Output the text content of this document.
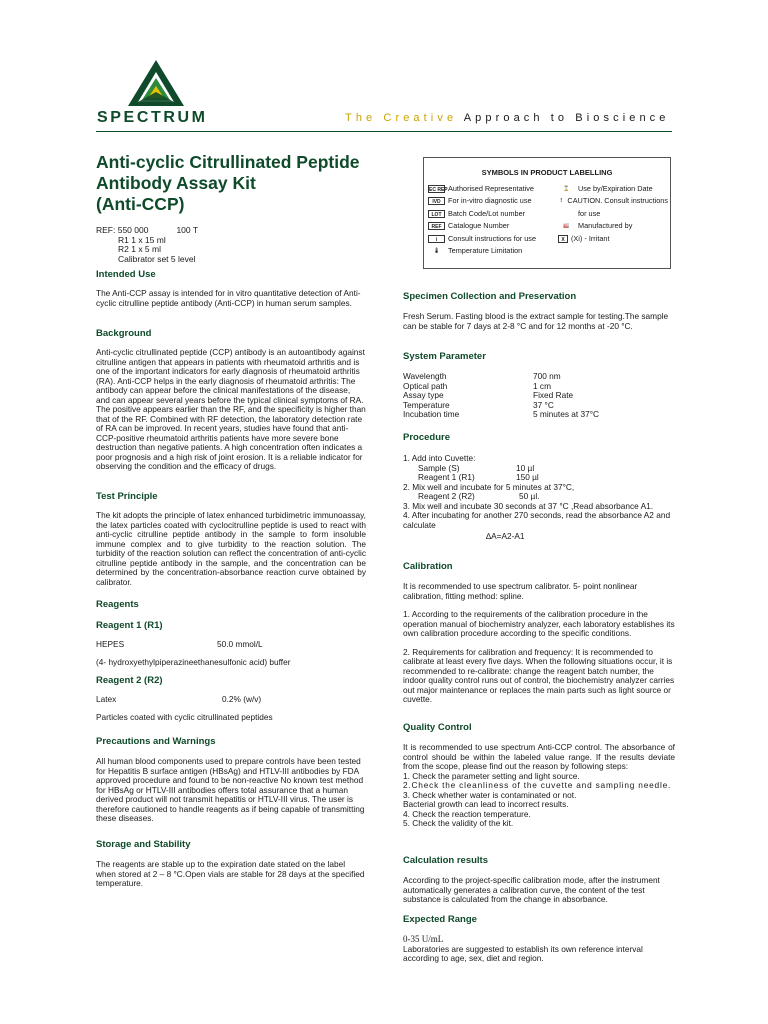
SPECTRUM	The Creative Approach to Bioscience
Anti-cyclic Citrullinated Peptide
Antibody Assay Kit
(Anti-CCP)
REF: 550 000	100 T
R1 1 x 15 ml
R2 1 x 5 ml
Calibrator set 5 level
SYMBOLS IN PRODUCT LABELLING
EC REP Authorised Representative
IVD	For in-vitro diagnostic use
LOT Batch Code/Lot number
REF Catalogue Number
i	Consult instructions for use
🌡	Temperature Limitation
⌛	Use by/Expiration Date
! CAUTION. Consult instructions
for use
🏭	Manufactured by
X (Xi) - Irritant
Intended Use

The Anti-CCP assay is intended for in vitro quantitative detection of Anti-cyclic citrulline peptide antibody (Anti-CCP) in human serum samples.

Background

Anti-cyclic citrullinated peptide (CCP) antibody is an autoantibody against citrulline antigen that appears in patients with rheumatoid arthritis and is one of the important indicators for early diagnosis of rheumatoid arthritis (RA). Anti-CCP helps in the early diagnosis of rheumatoid arthritis: The antibody can appear before the clinical manifestations of the disease, and can appear several years before the typical clinical symptoms of RA. The positive appears earlier than the RF, and the specificity is higher than that of the RF. Combined with RF detection, the laboratory detection rate of RA can be improved. In recent years, studies have found that anti- CCP-positive rheumatoid arthritis patients have more severe bone destruction than negative patients. A high concentration often indicates a poor prognosis and a high risk of joint erosion. It is a reliable indicator for observing the condition and the efficacy of drugs.

Test Principle

The kit adopts the principle of latex enhanced turbidimetric immunoassay, the latex particles coated with cyclocitrulline peptide is used to react with anti-cyclic citrulline peptide antibody in the sample to form insoluble immune complex and to give turbidity to the reaction solution. The turbidity of the reaction solution can reflect the concentration of anti-cyclic citrulline peptide antibody in the sample, and the concentration can be determined by the concentration-absorbance reaction curve obtained by calibrator.

Reagents
Reagent 1 (R1)
HEPES	50.0 mmol/L

(4- hydroxyethylpiperazineethanesulfonic acid) buffer

Reagent 2 (R2)
Latex	0.2% (w/v)

Particles coated with cyclic citrullinated peptides

Precautions and Warnings

All human blood components used to prepare controls have been tested for Hepatitis B surface antigen (HBsAg) and HTLV-III antibodies by FDA approved procedure and found to be non-reactive No known test method for HBsAg or HTLV-III antibodies offers total assurance that a human derived product will not transmit hepatitis or HTLV-III virus. The user is therefore cautioned to handle reagents as if being capable of transmitting these diseases.

Storage and Stability

The reagents are stable up to the expiration date stated on the label when stored at 2 – 8 °C.Open vials are stable for 28 days at the specified temperature.

Specimen Collection and Preservation

Fresh Serum. Fasting blood is the extract sample for testing.The sample can be stable for 7 days at 2-8 °C and for 12 months at -20 °C.

System Parameter
Wavelength	700 nm
Optical path	1 cm
Assay type	Fixed Rate
Temperature	37 °C
Incubation time	5 minutes at 37°C
Procedure

1. Add into Cuvette:

Sample (S)	10 µl
Reagent 1 (R1)	150 µl

2. Mix well and incubate for 5 minutes at 37°C,

Reagent 2 (R2)	50 µl.

3. Mix well and incubate 30 seconds at 37 °C ,Read absorbance A1.

4. After incubating for another 270 seconds, read the absorbance A2 and calculate

∆A=A2-A1

Calibration

It is recommended to use spectrum calibrator. 5- point nonlinear calibration, fitting method: spline.

1. According to the requirements of the calibration procedure in the operation manual of biochemistry analyzer, each laboratory establishes its own calibration procedure according to the specific conditions.

2. Requirements for calibration and frequency: It is recommended to calibrate at least every five days. When the following situations occur, it is recommended to re-calibrate: change the reagent batch number, the indoor quality control runs out of control, the biochemistry analyzer carries out major maintenance or replaces the main parts such as light source or cuvette.

Quality Control

It is recommended to use spectrum Anti-CCP control. The absorbance of control should be within the labeled value range. If the results deviate from the scope, please find out the reason by following steps:

1. Check the parameter setting and light source.

2.Check the cleanliness of the cuvette and sampling needle.

3. Check whether water is contaminated or not.

Bacterial growth can lead to incorrect results.

4. Check the reaction temperature.

5. Check the validity of the kit.

Calculation results

According to the project-specific calibration mode, after the instrument automatically generates a calibration curve, the content of the test substance is calculated from the change in absorbance.

Expected Range

0-35 U/mL

Laboratories are suggested to establish its own reference interval according to age, sex, diet and region.
